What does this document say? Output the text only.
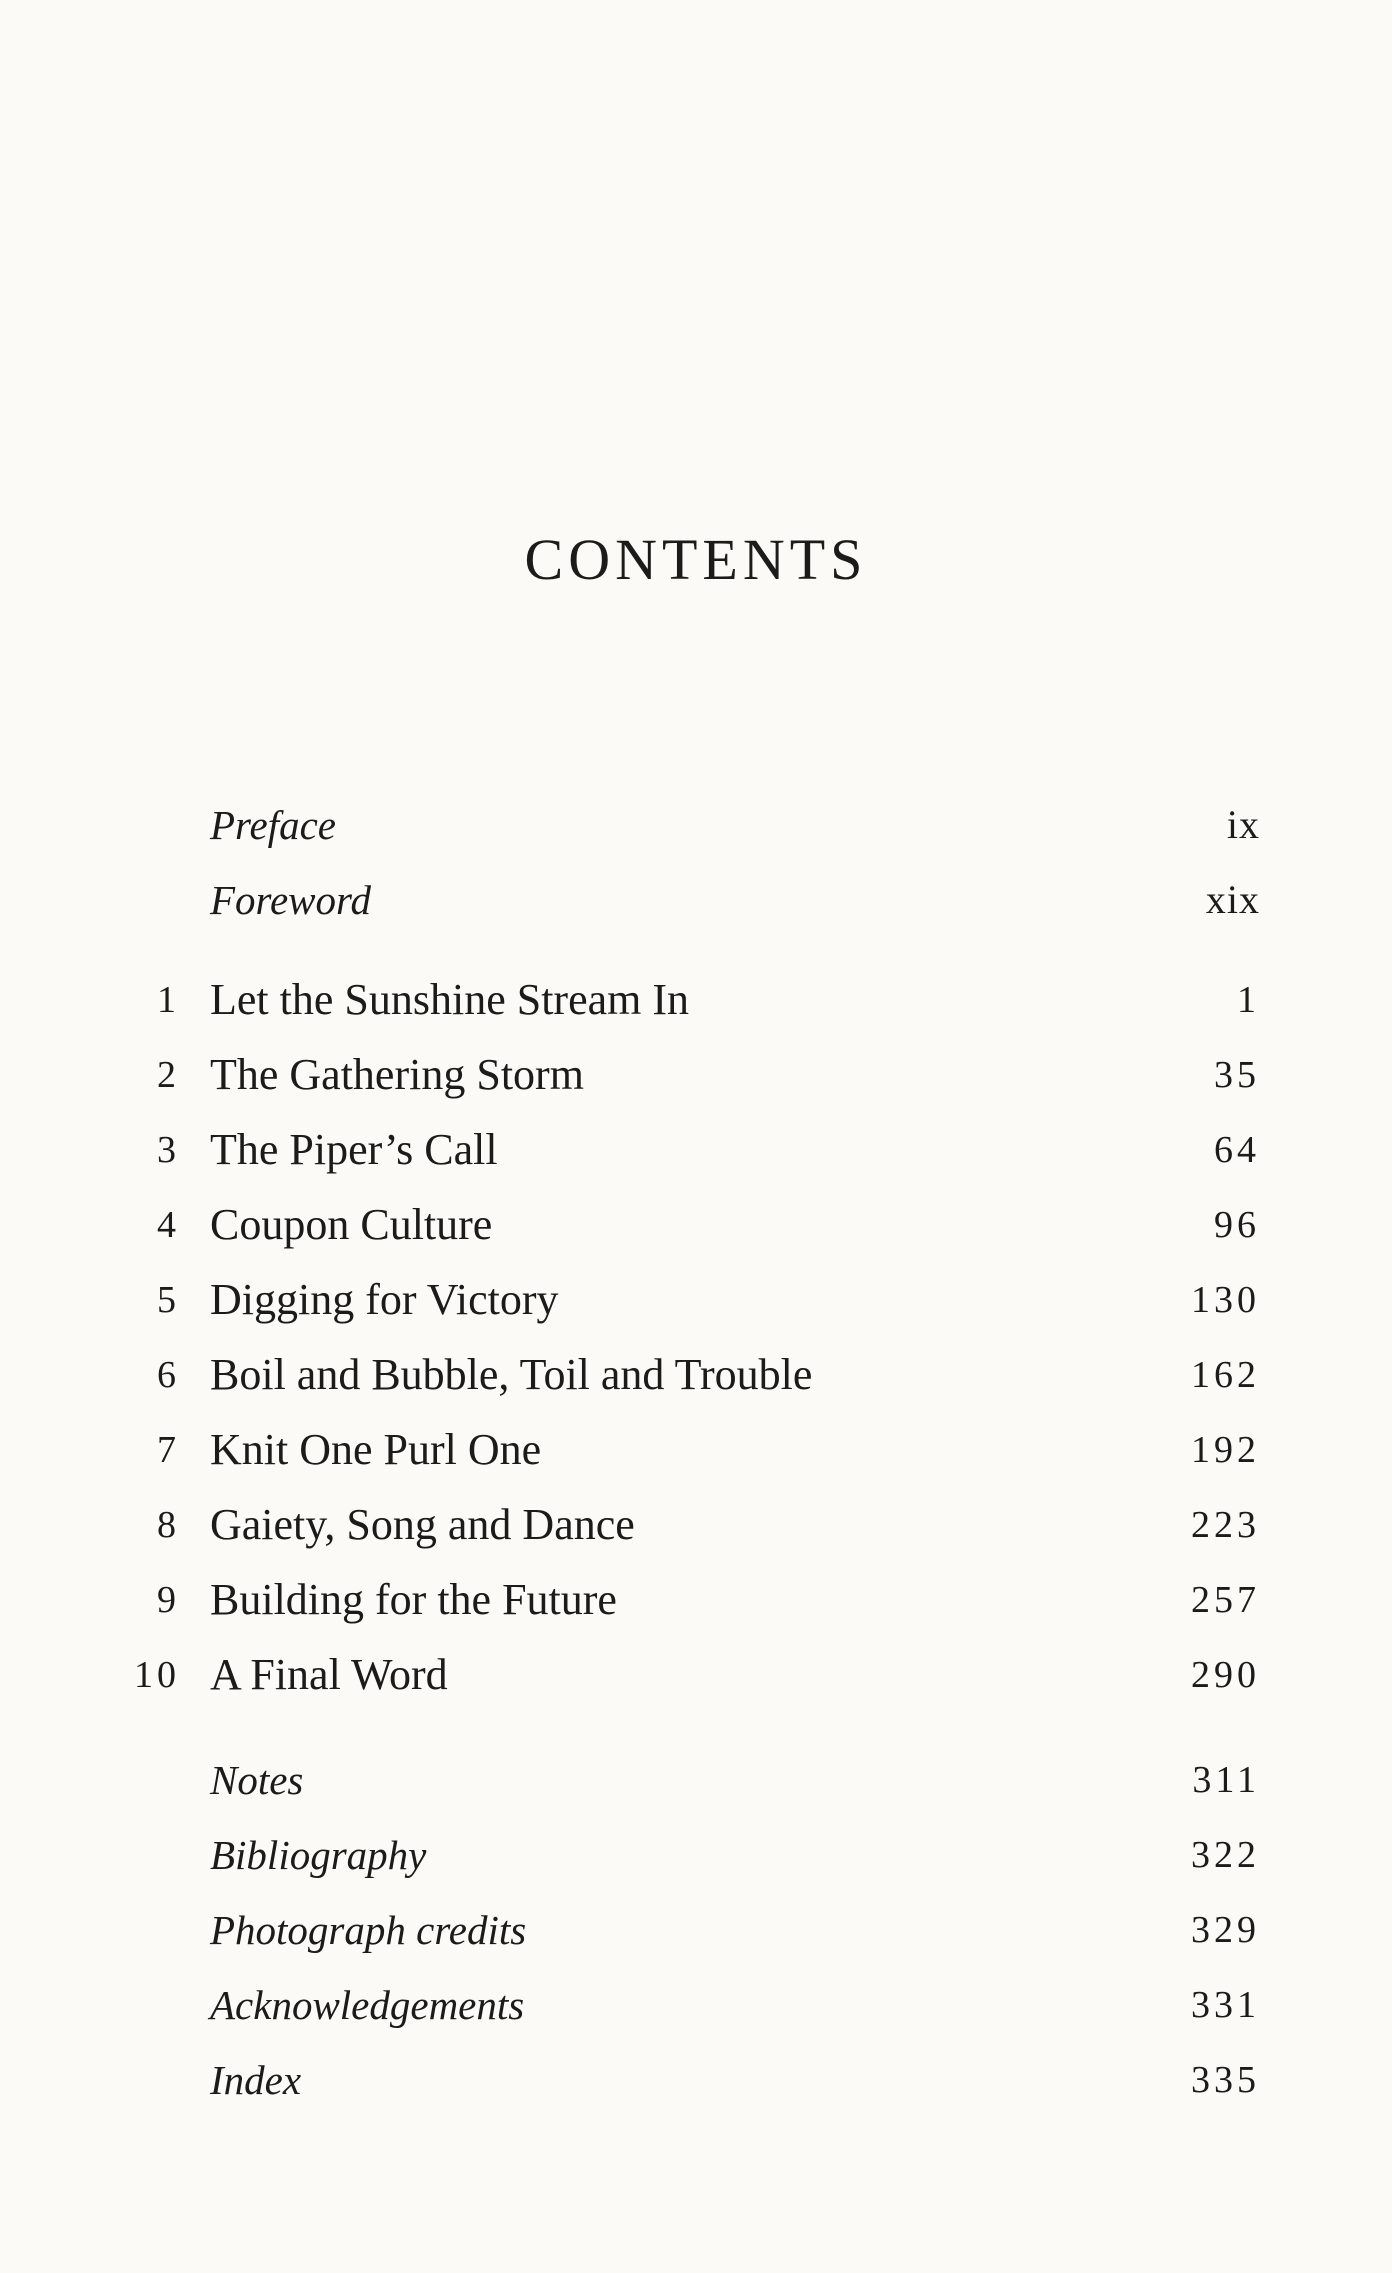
CONTENTS
Preface	ix
Foreword	xix
1 Let the Sunshine Stream In	1
2 The Gathering Storm	35
3 The Piper’s Call	64
4 Coupon Culture	96
5 Digging for Victory	130
6 Boil and Bubble, Toil and Trouble	162
7 Knit One Purl One	192
8 Gaiety, Song and Dance	223
9 Building for the Future	257
10 A Final Word	290
Notes	311
Bibliography	322
Photograph credits	329
Acknowledgements	331
Index	335
